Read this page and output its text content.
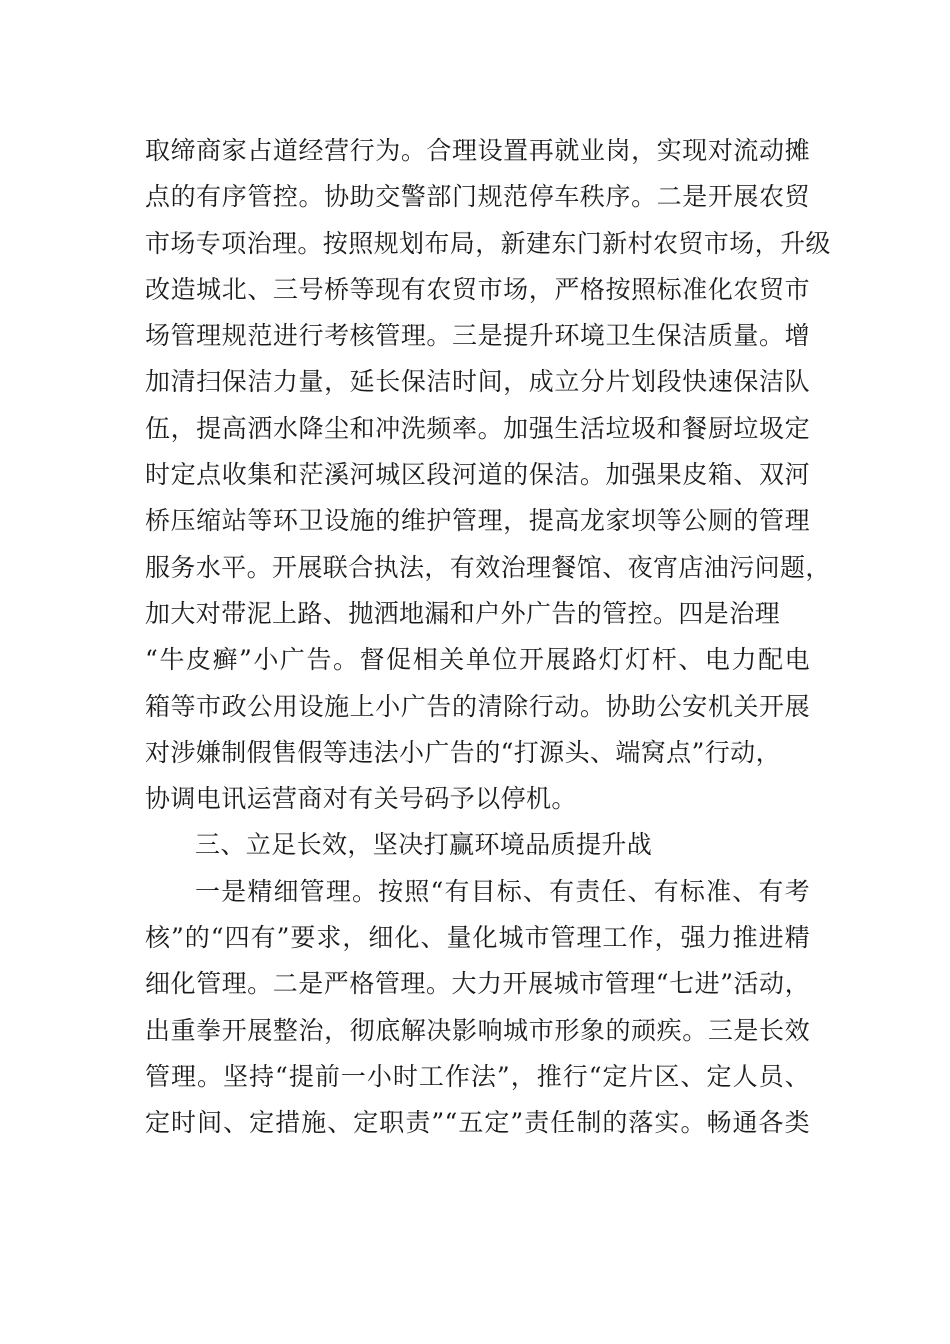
取缔商家占道经营行为。合理设置再就业岗，实现对流动摊
点的有序管控。协助交警部门规范停车秩序。二是开展农贸
市场专项治理。按照规划布局，新建东门新村农贸市场，升级
改造城北、三号桥等现有农贸市场，严格按照标准化农贸市
场管理规范进行考核管理。三是提升环境卫生保洁质量。增
加清扫保洁力量，延长保洁时间，成立分片划段快速保洁队
伍，提高洒水降尘和冲洗频率。加强生活垃圾和餐厨垃圾定
时定点收集和茫溪河城区段河道的保洁。加强果皮箱、双河
桥压缩站等环卫设施的维护管理，提高龙家坝等公厕的管理
服务水平。开展联合执法，有效治理餐馆、夜宵店油污问题，
加大对带泥上路、抛洒地漏和户外广告的管控。四是治理
“牛皮癣”小广告。督促相关单位开展路灯灯杆、电力配电
箱等市政公用设施上小广告的清除行动。协助公安机关开展
对涉嫌制假售假等违法小广告的“打源头、端窝点”行动，
协调电讯运营商对有关号码予以停机。
三、立足长效，坚决打赢环境品质提升战
一是精细管理。按照“有目标、有责任、有标准、有考
核”的“四有”要求，细化、量化城市管理工作，强力推进精
细化管理。二是严格管理。大力开展城市管理“七进”活动，
出重拳开展整治，彻底解决影响城市形象的顽疾。三是长效
管理。坚持“提前一小时工作法”，推行“定片区、定人员、
定时间、定措施、定职责”“五定”责任制的落实。畅通各类
